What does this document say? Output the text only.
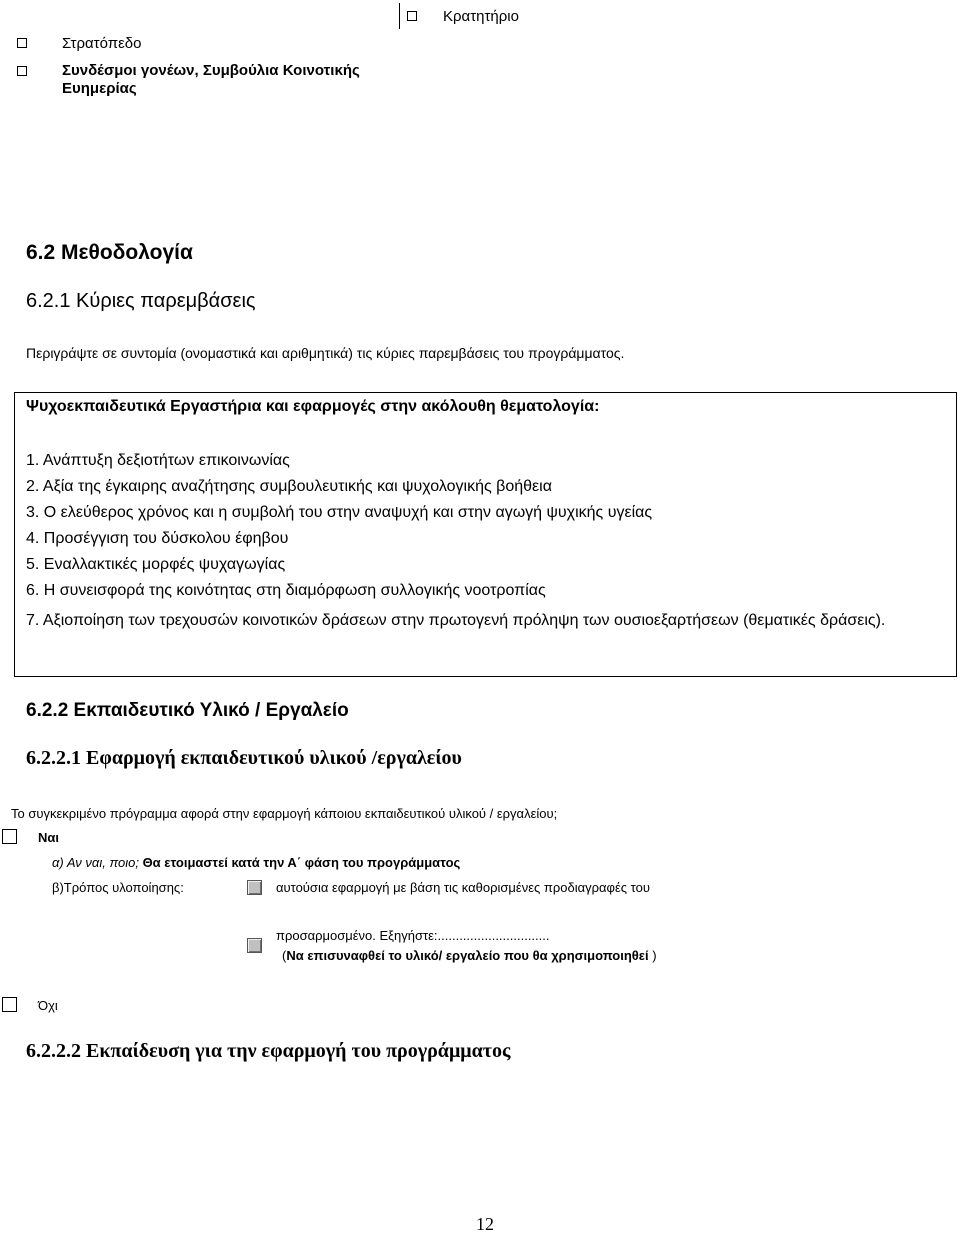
Κρατητήριο
Στρατόπεδο
Συνδέσμοι γονέων, Συμβούλια Κοινοτικής
Ευημερίας
6.2 Μεθοδολογία
6.2.1 Κύριες παρεμβάσεις
Περιγράψτε σε συντομία (ονομαστικά και αριθμητικά) τις κύριες παρεμβάσεις του προγράμματος.
Ψυχοεκπαιδευτικά Εργαστήρια και εφαρμογές στην ακόλουθη θεματολογία:
1. Ανάπτυξη δεξιοτήτων επικοινωνίας
2. Αξία της έγκαιρης αναζήτησης συμβουλευτικής και ψυχολογικής βοήθεια
3. Ο ελεύθερος χρόνος και η συμβολή του στην αναψυχή και στην αγωγή ψυχικής υγείας
4. Προσέγγιση του δύσκολου έφηβου
5. Εναλλακτικές μορφές ψυχαγωγίας
6. Η συνεισφορά της κοινότητας στη διαμόρφωση συλλογικής νοοτροπίας
7. Αξιοποίηση των τρεχουσών κοινοτικών δράσεων στην πρωτογενή πρόληψη των ουσιοεξαρτήσεων (θεματικές δράσεις).
6.2.2 Εκπαιδευτικό Υλικό / Εργαλείο
6.2.2.1 Εφαρμογή εκπαιδευτικού υλικού /εργαλείου
Το συγκεκριμένο πρόγραμμα αφορά στην εφαρμογή κάποιου εκπαιδευτικού υλικού / εργαλείου;
Ναι
α) Αν ναι, ποιο; Θα ετοιμαστεί κατά την Α΄ φάση του προγράμματος
β)Τρόπος υλοποίησης:	αυτούσια εφαρμογή με βάση τις καθορισμένες προδιαγραφές του
προσαρμοσμένο. Εξηγήστε:...............................
(Να επισυναφθεί το υλικό/ εργαλείο που θα χρησιμοποιηθεί )
Όχι
6.2.2.2 Εκπαίδευση για την εφαρμογή του προγράμματος
12
